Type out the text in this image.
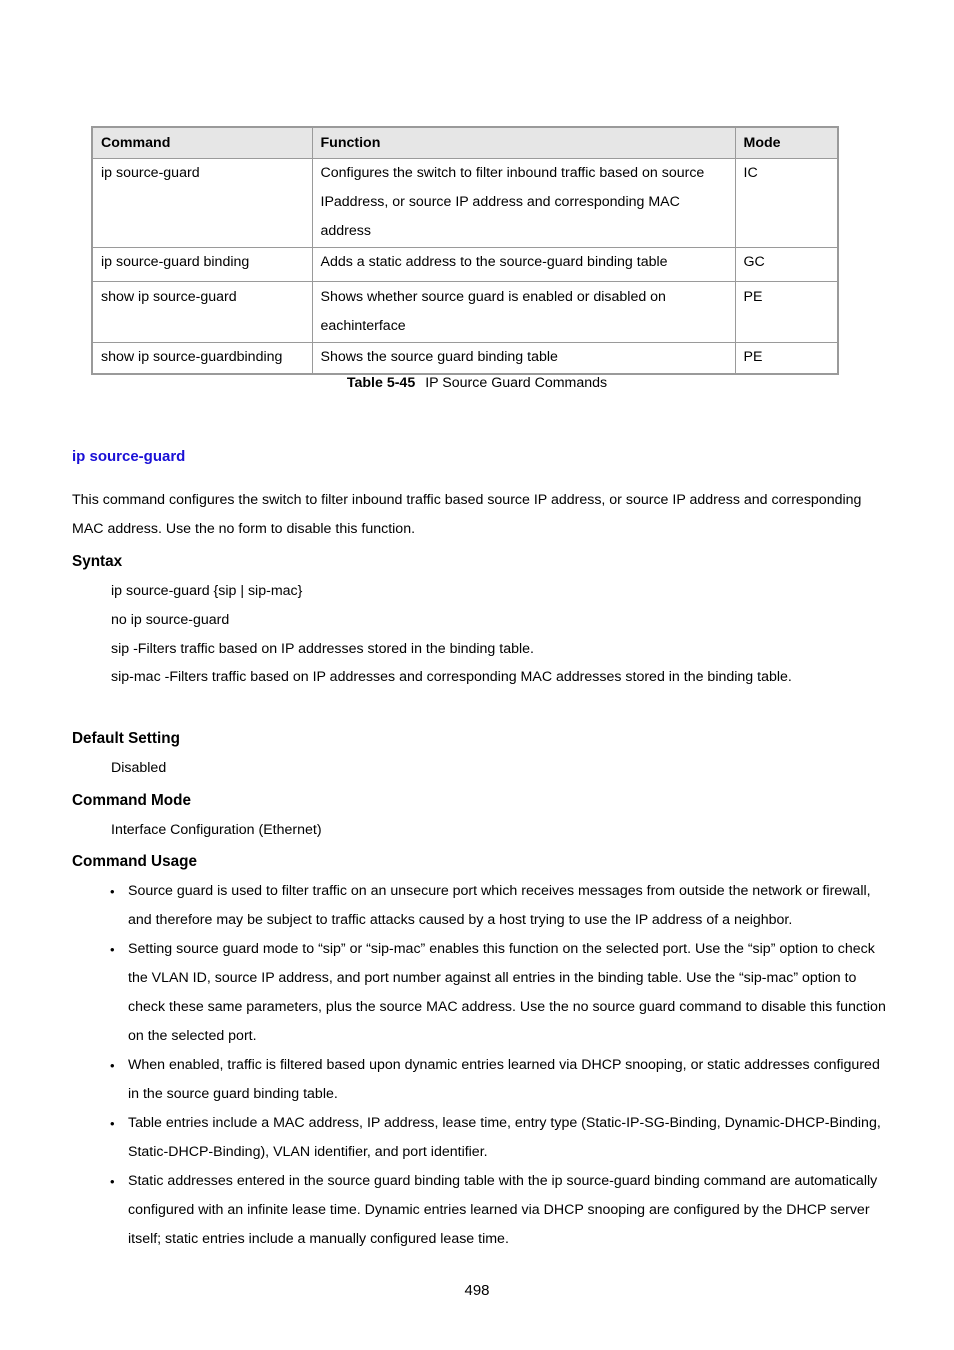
Command	Function	Mode
ip source-guard	Configures the switch to filter inbound traffic based on source IPaddress, or source IP address and corresponding MAC address	IC
ip source-guard binding	Adds a static address to the source-guard binding table	GC
show ip source-guard	Shows whether source guard is enabled or disabled on eachinterface	PE
show ip source-guardbinding	Shows the source guard binding table	PE
Table 5-45 IP Source Guard Commands
ip source-guard
This command configures the switch to filter inbound traffic based source IP address, or source IP address and corresponding MAC address. Use the no form to disable this function.
Syntax
ip source-guard {sip | sip-mac}
no ip source-guard
sip -Filters traffic based on IP addresses stored in the binding table.
sip-mac -Filters traffic based on IP addresses and corresponding MAC addresses stored in the binding table.
Default Setting
Disabled
Command Mode
Interface Configuration (Ethernet)
Command Usage
• Source guard is used to filter traffic on an unsecure port which receives messages from outside the network or firewall, and therefore may be subject to traffic attacks caused by a host trying to use the IP address of a neighbor.
• Setting source guard mode to “sip” or “sip-mac” enables this function on the selected port. Use the “sip” option to check the VLAN ID, source IP address, and port number against all entries in the binding table. Use the “sip-mac” option to check these same parameters, plus the source MAC address. Use the no source guard command to disable this function on the selected port.
• When enabled, traffic is filtered based upon dynamic entries learned via DHCP snooping, or static addresses configured in the source guard binding table.
• Table entries include a MAC address, IP address, lease time, entry type (Static-IP-SG-Binding, Dynamic-DHCP-Binding, Static-DHCP-Binding), VLAN identifier, and port identifier.
• Static addresses entered in the source guard binding table with the ip source-guard binding command are automatically configured with an infinite lease time. Dynamic entries learned via DHCP snooping are configured by the DHCP server itself; static entries include a manually configured lease time.
498
